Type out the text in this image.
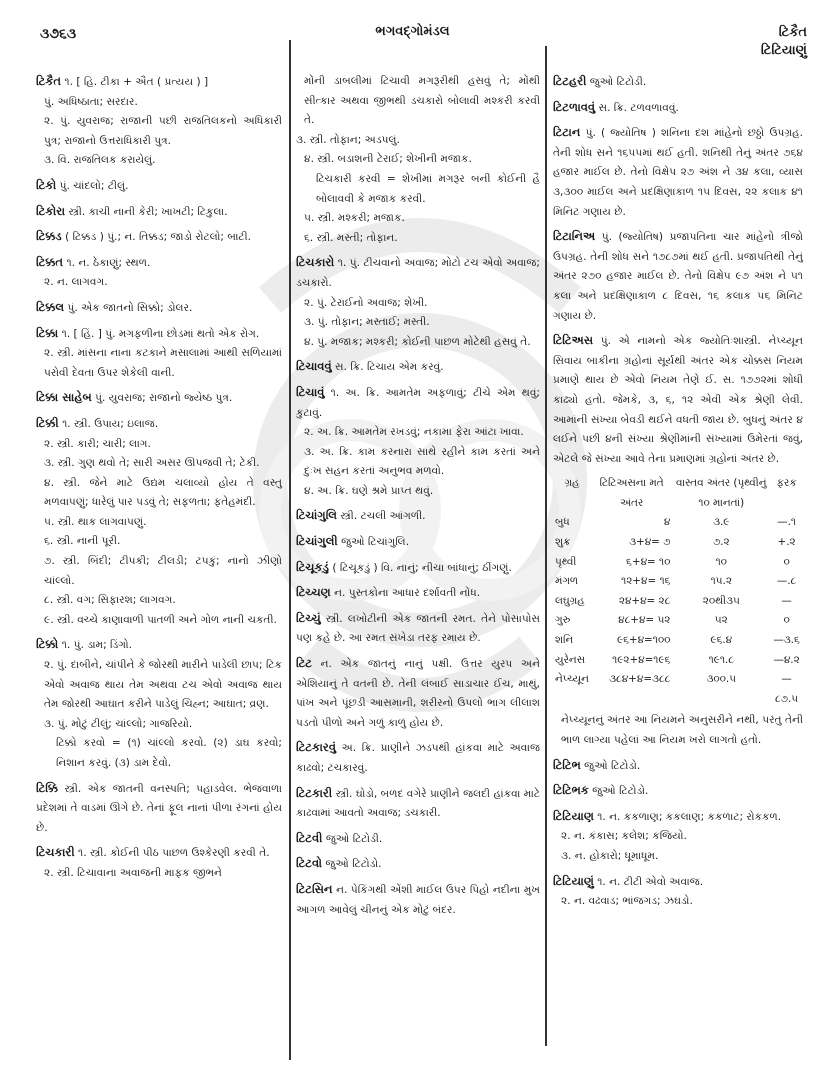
૩૭૬૩	ભગવદ્ગોમંડલ	ટિકૈત
ટિટિયાણું
ટિકૈત ૧. [ હિ. ટીકા + ઐત ( પ્રત્યય ) ]
પું. અધિષ્ઠાતા; સરદાર.
૨. પું. યુવરાજ; રાજાની પછી રાજતિલકનો અધિકારી પુત્ર; રાજાનો ઉત્તરાધિકારી પુત્ર.
૩. વિ. રાજતિલક કરાયેલું.
ટિકો પું. ચાંદલો; ટીલું.
ટિકોરા સ્ત્રી. કાચી નાની કેરી; ખાખટી; ટિકુલા.
ટિક્કડ ( ટિક્કડ ) પું.; ન. તિક્કડ; જાડો રોટલો; બાટી.
ટિક્કત ૧. ન. ઠેકાણું; સ્થળ.
૨. ન. લાગવગ.
ટિક્કલ પું. એક જાતનો સિક્કો; ડોલર.
ટિક્કા ૧. [ હિં. ] પું. મગફળીના છોડમાં થતો એક રોગ.
૨. સ્ત્રી. માંસના નાના કટકાને મસાલામાં આથી સળિયામાં પરોવી દેવતા ઉપર શેકેલી વાની.
ટિક્કા સાહેબ પું. યુવરાજ; રાજાનો જ્યેષ્ઠ પુત્ર.
ટિક્કી ૧. સ્ત્રી. ઉપાય; ઇલાજ.
૨. સ્ત્રી. કારી; ચારી; લાગ.
૩. સ્ત્રી. ગુણ થવો તે; સારી અસર ઊપજવી તે; ટેકી.
૪. સ્ત્રી. જેને માટે ઉદ્યમ ચલાવ્યો હોય તે વસ્તુ મળવાપણું; ધારેલું પાર પડવું તે; સફળતા; ફતેહમંદી.
૫. સ્ત્રી. થાક લાગવાપણું.
૬. સ્ત્રી. નાની પૂરી.
૭. સ્ત્રી. બિંદી; ટીપકી; ટીલડી; ટપકું; નાનો ઝીણો ચાંલ્લો.
૮. સ્ત્રી. વગ; સિફારશ; લાગવગ.
૯. સ્ત્રી. વચ્ચે કાણાવાળી પાતળી અને ગોળ નાની ચકતી.
ટિક્કો ૧. પું. ડામ; ડિંગો.
૨. પું. દાબીને, ચાંપીને કે જોરથી મારીને પાડેલી છાપ; ટિક એવો અવાજ થાય તેમ અથવા ટચ એવો અવાજ થાય તેમ જોરથી આઘાત કરીને પાડેલું ચિહ્ન; આઘાત; વ્રણ.
૩. પું. મોટું ટીલું; ચાંલ્લો; ગાજરિયો.
ટિક્કો કરવો = (૧) ચાંલ્લો કરવો. (૨) ડાઘ કરવો; નિશાન કરવું. (૩) ડામ દેવો.
ટિક્કિ સ્ત્રી. એક જાતની વનસ્પતિ; પહાડવેલ. ભેજવાળા પ્રદેશમાં તે વાડમાં ઊગે છે. તેનાં ફૂલ નાનાં પીળા રંગનાં હોય છે.
ટિચકારી ૧. સ્ત્રી. કોઈની પીઠ પાછળ ઉશ્કેરણી કરવી તે.
૨. સ્ત્રી. ટિચાવાના અવાજની માફક જીભને
મોંની ડાબલીમાં ટિચાવી મગરૂરીથી હસવું તે; મોંથી સીત્કાર અથવા જીભથી ડચકારો બોલાવી મશ્કરી કરવી તે.
૩. સ્ત્રી. તોફાન; અડપલું.
૪. સ્ત્રી. બડાશની ટેરાઈ; શેખીની મજાક.
ટિચકારી કરવી = શેખીમાં મગરૂર બની કોઈની હૈ બોલાવવી કે મજાક કરવી.
૫. સ્ત્રી. મશ્કરી; મજાક.
૬. સ્ત્રી. મસ્તી; તોફાન.
ટિચકારો ૧. પું. ટીચવાનો અવાજ; મોટો ટચ એવો અવાજ; ડચકારો.
૨. પું. ટેરાઈનો અવાજ; શેખી.
૩. પું. તોફાન; મસ્તાઈ; મસ્તી.
૪. પું. મજાક; મશ્કરી; કોઈની પાછળ મોટેથી હસવું તે.
ટિચાવવું સ. ક્રિ. ટિચાય એમ કરવું.
ટિચાવું ૧. અ. ક્રિ. આમતેમ અફળાવું; ટીચે એમ થવું; કુટાવું.
૨. અ. ક્રિ. આમતેમ રખડવું; નકામા ફેરા આંટા ખાવા.
૩. અ. ક્રિ. કામ કરનારા સાથે રહીને કામ કરતાં અને દુઃખ સહન કરતાં અનુભવ મળવો.
૪. અ. ક્રિ. ઘણે શ્રમે પ્રાપ્ત થવું.
ટિચાંગુલિ સ્ત્રી. ટચલી આંગળી.
ટિચાંગુલી જુઓ ટિચાંગુલિ.
ટિચૂકડું ( ટિચૂકડું ) વિ. નાનું; નીચા બાંધાનું; ઠીંગણું.
ટિચ્ચણ ન. પુસ્તકોના આધાર દર્શાવતી નોંધ.
ટિચ્ચું સ્ત્રી. લખોટીની એક જાતની રમત. તેને પોસાપોસ પણ કહે છે. આ રમત સંખેડા તરફ રમાય છે.
ટિટ ન. એક જાતનું નાનું પક્ષી. ઉત્તર યુરપ અને એશિયાનું તે વતની છે. તેની લંબાઈ સાડાચાર ઈંચ, માથું, પાંખ અને પૂંછડી આસમાની, શરીરનો ઉપલો ભાગ લીલાશ પડતો પીળો અને ગળું કાળું હોય છે.
ટિટકારવું અ. ક્રિ. પ્રાણીને ઝડપથી હાંકવા માટે અવાજ કાઢવો; ટચકારવું.
ટિટકારી સ્ત્રી. ઘોડો, બળદ વગેરે પ્રાણીને જલદી હાંકવા માટે કાઢવામાં આવતો અવાજ; ડચકારી.
ટિટવી જુઓ ટિટોડી.
ટિટવો જુઓ ટિટોડો.
ટિટસિન ન. પેકિંગથી એંશી માઈલ ઉપર પિહો નદીના મુખ આગળ આવેલું ચીનનું એક મોટું બંદર.
ટિટહરી જુઓ ટિટોડી.
ટિટળાવવું સ. ક્રિ. ટળવળાવવું.
ટિટાન પું. ( જ્યોતિષ ) શનિના દશ માંહેનો છઠ્ઠો ઉપગ્રહ. તેની શોધ સને ૧૬૫૫માં થઈ હતી. શનિથી તેનું અંતર ૭૬૪ હજાર માઈલ છે. તેનો વિક્ષેપ ૨૭ અંશ ને ૩૪ કલા, વ્યાસ ૩,૩૦૦ માઈલ અને પ્રદક્ષિણાકાળ ૧૫ દિવસ, ૨૨ કલાક ૪૧ મિનિટ ગણાય છે.
ટિટાનિઅ પું. (જ્યોતિષ) પ્રજાપતિના ચાર માંહેનો ત્રીજો ઉપગ્રહ. તેની શોધ સને ૧૭૮૭માં થઈ હતી. પ્રજાપતિથી તેનું અંતર ૨૭૦ હજાર માઈલ છે. તેનો વિક્ષેપ ૯૭ અંશ ને ૫૧ કલા અને પ્રદક્ષિણાકાળ ૮ દિવસ, ૧૬ કલાક ૫૬ મિનિટ ગણાય છે.
ટિટિઅસ પું. એ નામનો એક જ્યોતિઃશાસ્ત્રી. નેપ્ચ્યૂન સિવાય બાકીના ગ્રહોનાં સૂર્યથી અંતર એક ચોક્કસ નિયમ પ્રમાણે થાય છે એવો નિયમ તેણે ઈ. સ. ૧૭૭૨માં શોધી કાઢ્યો હતો. જેમકે, ૩, ૬, ૧૨ એવી એક શ્રેણી લેવી. આમાંની સંખ્યા બેવડી થઈને વધતી જાય છે. બુધનું અંતર ૪ લઈને પછી ૪ની સંખ્યા શ્રેણીમાંની સંખ્યામાં ઉમેરતાં જવું, એટલે જે સંખ્યા આવે તેના પ્રમાણમાં ગ્રહોનાં અંતર છે.
ગ્રહ	ટિટિઅસના મતે અંતર	વાસ્તવ અંતર (પૃથ્વીનું ૧૦ માનતાં)	ફરક
બુધ	૪	૩.૯	—.૧
શુક્ર	૩+૪= ૭	૭.૨	+.૨
પૃથ્વી	૬+૪= ૧૦	૧૦	૦
મંગળ	૧૨+૪= ૧૬	૧૫.૨	—.૮
લઘુગ્રહ	૨૪+૪= ૨૮	૨૦થી૩૫	—
ગુરુ	૪૮+૪= ૫૨	૫૨	૦
શનિ	૯૬+૪=૧૦૦	૯૬.૪	—૩.૬
યુરેનસ	૧૯૨+૪=૧૯૬	૧૯૧.૮	—૪.૨
નેપ્ચ્યૂન	૩૮૪+૪=૩૮૮	૩૦૦.૫	—૮૭.૫
નેપ્ચ્યૂનનું અંતર આ નિયમને અનુસરીને નથી, પરંતુ તેની ભાળ લાગ્યા પહેલાં આ નિયમ ખરો લાગતો હતો.
ટિટિભ જુઓ ટિટોડો.
ટિટિભક જુઓ ટિટોડો.
ટિટિયાણ ૧. ન. કકળાણ; કકલાણ; કકળાટ; રોકકળ.
૨. ન. કંકાસ; કલેશ; કજિયો.
૩. ન. હોકારો; ધૂમાધૂમ.
ટિટિયાણું ૧. ન. ટીટી એવો અવાજ.
૨. ન. વઢવાડ; ભાંજગડ; ઝઘડો.
